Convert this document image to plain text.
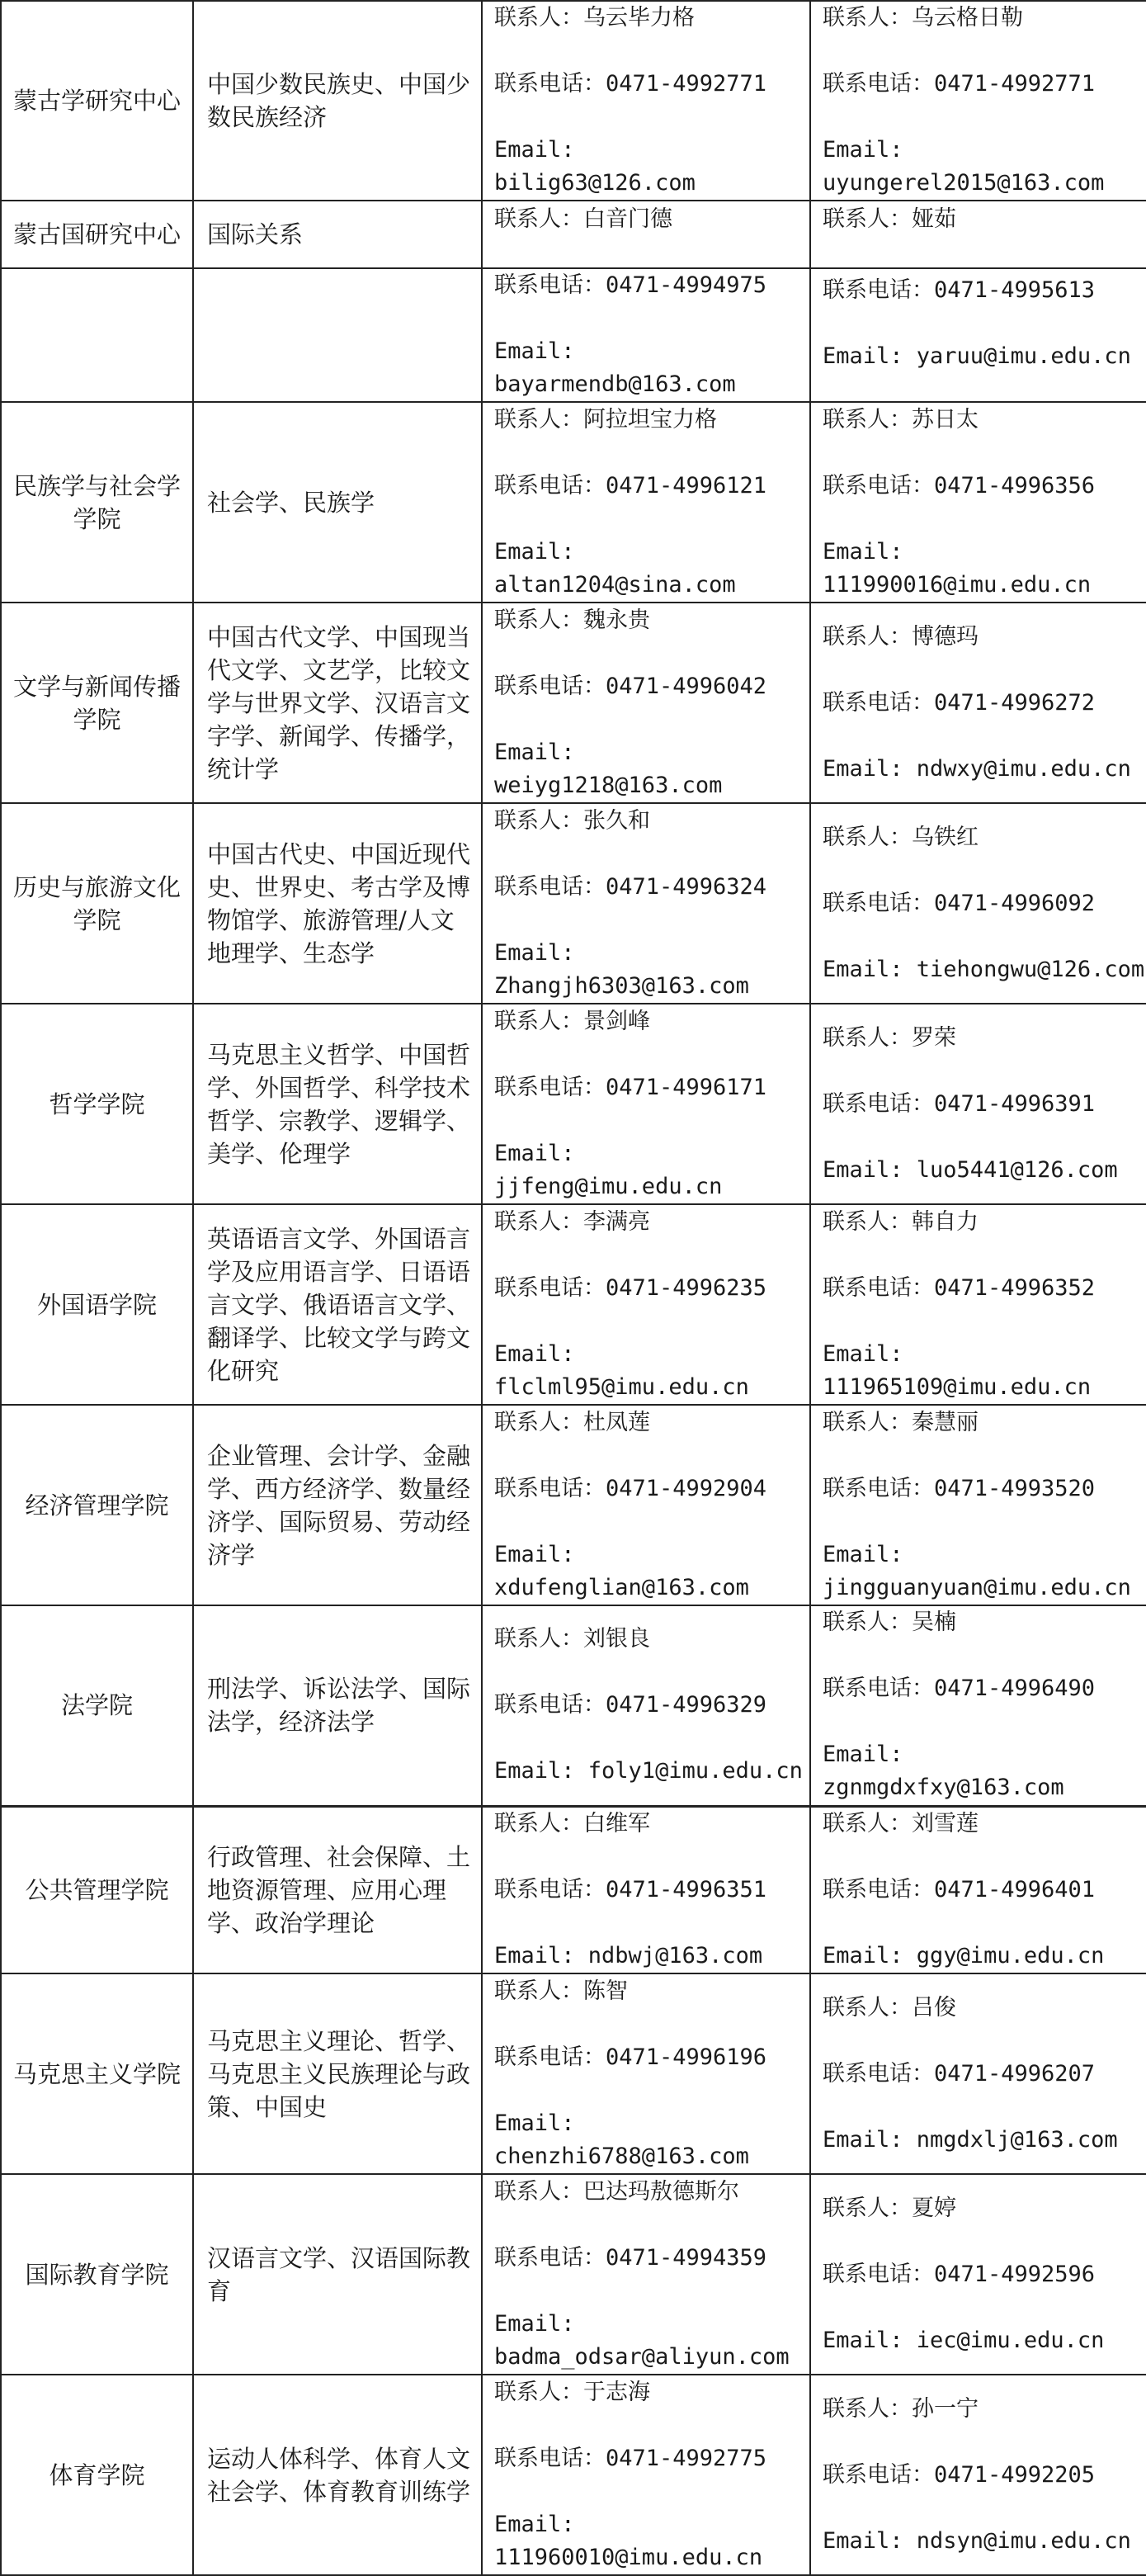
蒙古学研究中心	中国少数民族史、中国少数民族经济	联系人：乌云毕力格
联系电话：0471-4992771
Email:
bilig63@126.com	联系人：乌云格日勒
联系电话：0471-4992771
Email:
uyungerel2015@163.com

蒙古国研究中心	国际关系	联系人：白音门德	联系人：娅茹

		联系电话：0471-4994975
Email:
bayarmendb@163.com	联系电话：0471-4995613
Email: yaruu@imu.edu.cn

民族学与社会学 学院	社会学、民族学	联系人：阿拉坦宝力格
联系电话：0471-4996121
Email:
altan1204@sina.com	联系人：苏日太
联系电话：0471-4996356
Email:
111990016@imu.edu.cn

文学与新闻传播 学院	中国古代文学、中国现当代文学、文艺学，比较文学与世界文学、汉语言文字学、新闻学、传播学，统计学	联系人：魏永贵
联系电话：0471-4996042
Email:
weiyg1218@163.com	联系人：博德玛
联系电话：0471-4996272
Email: ndwxy@imu.edu.cn

历史与旅游文化 学院	中国古代史、中国近现代史、世界史、考古学及博物馆学、旅游管理/人文地理学、生态学	联系人：张久和
联系电话：0471-4996324
Email:
Zhangjh6303@163.com	联系人：乌铁红
联系电话：0471-4996092
Email: tiehongwu@126.com

哲学学院	马克思主义哲学、中国哲学、外国哲学、科学技术哲学、宗教学、逻辑学、美学、伦理学	联系人：景剑峰
联系电话：0471-4996171
Email:
jjfeng@imu.edu.cn	联系人：罗荣
联系电话：0471-4996391
Email: luo5441@126.com

外国语学院	英语语言文学、外国语言学及应用语言学、日语语言文学、俄语语言文学、翻译学、比较文学与跨文化研究	联系人：李满亮
联系电话：0471-4996235
Email:
flclml95@imu.edu.cn	联系人：韩自力
联系电话：0471-4996352
Email:
111965109@imu.edu.cn

经济管理学院	企业管理、会计学、金融学、西方经济学、数量经济学、国际贸易、劳动经济学	联系人：杜凤莲
联系电话：0471-4992904
Email:
xdufenglian@163.com	联系人：秦慧丽
联系电话：0471-4993520
Email:
jingguanyuan@imu.edu.cn

法学院	刑法学、诉讼法学、国际法学，经济法学	联系人：刘银良
联系电话：0471-4996329
Email: foly1@imu.edu.cn	联系人：吴楠
联系电话：0471-4996490
Email:
zgnmgdxfxy@163.com

公共管理学院	行政管理、社会保障、土地资源管理、应用心理学、政治学理论	联系人：白维军
联系电话：0471-4996351
Email: ndbwj@163.com	联系人：刘雪莲
联系电话：0471-4996401
Email: ggy@imu.edu.cn

马克思主义学院	马克思主义理论、哲学、马克思主义民族理论与政策、中国史	联系人：陈智
联系电话：0471-4996196
Email:
chenzhi6788@163.com	联系人：吕俊
联系电话：0471-4996207
Email: nmgdxlj@163.com

国际教育学院	汉语言文学、汉语国际教育	联系人：巴达玛敖德斯尔
联系电话：0471-4994359
Email:
badma_odsar@aliyun.com	联系人：夏婷
联系电话：0471-4992596
Email: iec@imu.edu.cn

体育学院	运动人体科学、体育人文社会学、体育教育训练学	联系人：于志海
联系电话：0471-4992775
Email:
111960010@imu.edu.cn	联系人：孙一宁
联系电话：0471-4992205
Email: ndsyn@imu.edu.cn
